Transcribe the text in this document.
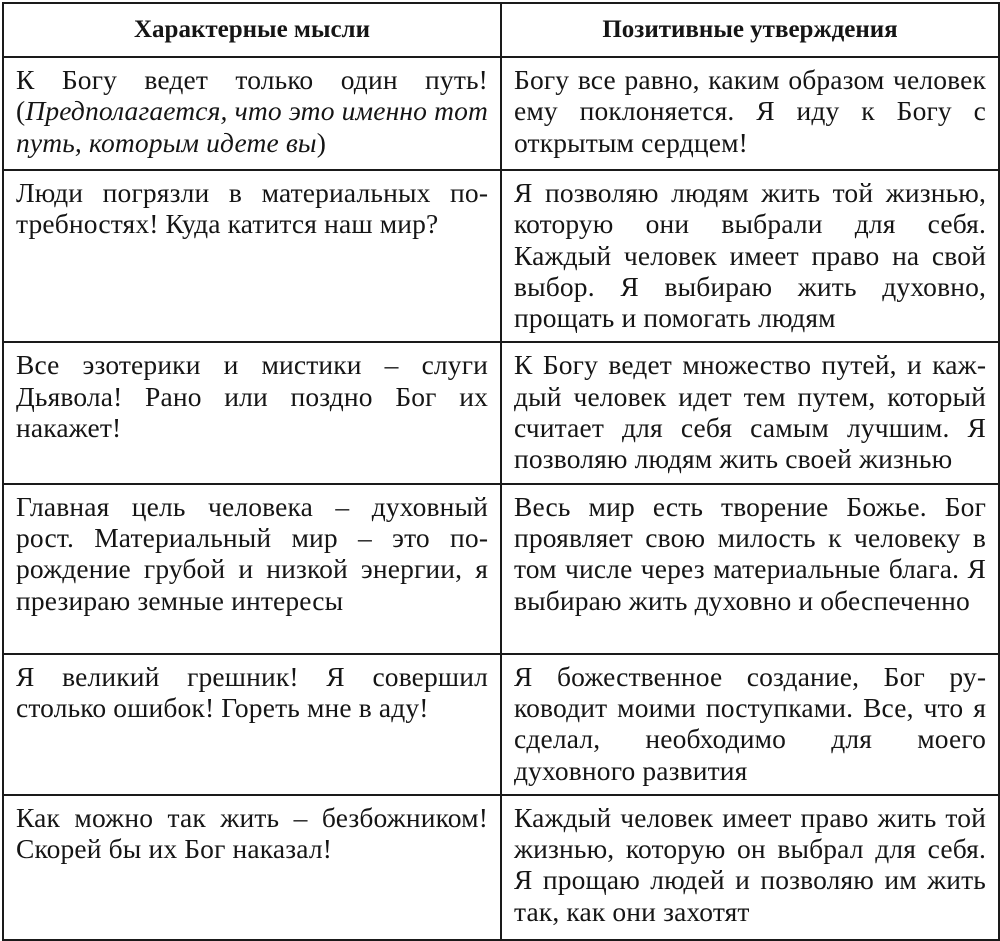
Характерные мысли	Позитивные утверждения
К Богу ведет только один путь! (Предполагается, что это именно тот путь, которым идете вы)	Богу все равно, каким образом человек ему поклоняется. Я иду к Богу с открытым сердцем!
Люди погрязли в материальных потребностях! Куда катится наш мир?	Я позволяю людям жить той жизнью, которую они выбрали для себя. Каждый человек имеет право на свой выбор. Я выбираю жить духовно, прощать и помогать людям
Все эзотерики и мистики – слуги Дьявола! Рано или поздно Бог их накажет!	К Богу ведет множество путей, и каждый человек идет тем путем, который считает для себя самым лучшим. Я позволяю людям жить своей жизнью
Главная цель человека – духовный рост. Материальный мир – это порождение грубой и низкой энергии, я презираю земные интересы	Весь мир есть творение Божье. Бог проявляет свою милость к человеку в том числе через материальные блага. Я выбираю жить духовно и обеспеченно
Я великий грешник! Я совершил столько ошибок! Гореть мне в аду!	Я божественное создание, Бог руководит моими поступками. Все, что я сделал, необходимо для моего духовного развития
Как можно так жить – безбожником! Скорей бы их Бог наказал!	Каждый человек имеет право жить той жизнью, которую он выбрал для себя. Я прощаю людей и позволяю им жить так, как они захотят
